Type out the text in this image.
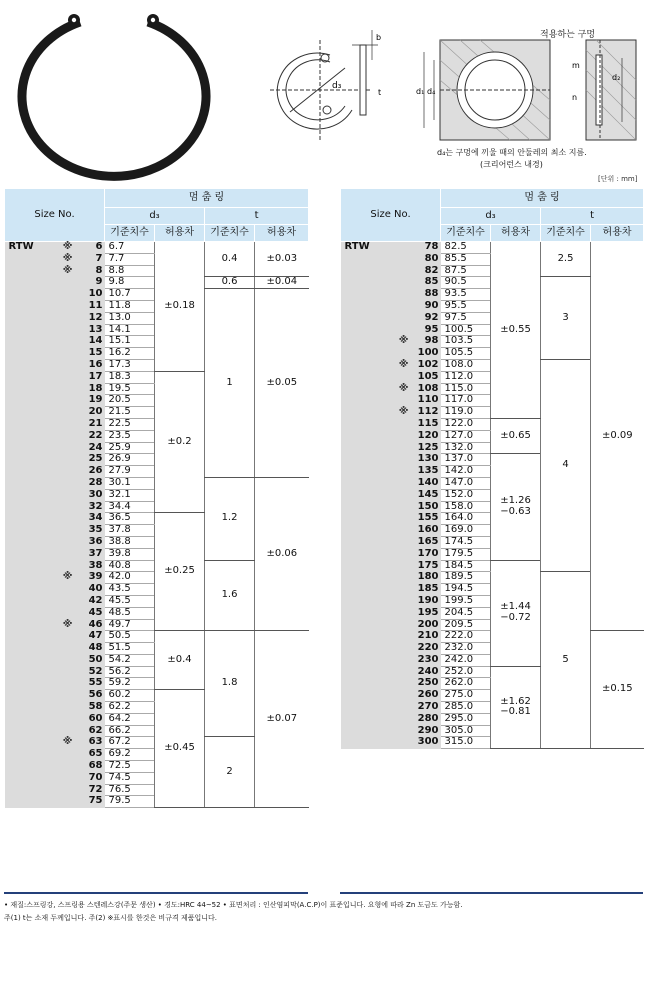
d₃
b
t	d₁ d₄
m
n
d₂
적용하는 구멍
d₄는 구멍에 끼울 때의 안둘레의 최소 지름.
(크리어런스 내경)
[단위 : mm]
Size No.			멈 춤 링			
			d₃		t	
			기준치수	허용차	기준치수	허용차
RTW	※	6	6.7	±0.18	0.4	±0.03
	※	7	7.7			
	※	8	8.8			
		9	9.8		0.6	±0.04
		10	10.7		1	±0.05
		11	11.8			
		12	13.0			
		13	14.1			
		14	15.1			
		15	16.2			
		16	17.3			
		17	18.3	±0.2		
		18	19.5			
		19	20.5			
		20	21.5			
		21	22.5			
		22	23.5			
		24	25.9			
		25	26.9			
		26	27.9			
		28	30.1		1.2	±0.06
		30	32.1			
		32	34.4			
		34	36.5	±0.25		
		35	37.8			
		36	38.8			
		37	39.8			
		38	40.8		1.6	
	※	39	42.0			
		40	43.5			
		42	45.5			
		45	48.5			
	※	46	49.7			
		47	50.5	±0.4	1.8	±0.07
		48	51.5			
		50	54.2			
		52	56.2			
		55	59.2			
		56	60.2	±0.45		
		58	62.2			
		60	64.2			
		62	66.2			
	※	63	67.2		2	
		65	69.2			
		68	72.5			
		70	74.5			
		72	76.5			
		75	79.5			
Size No.			멈 춤 링			
			d₃		t	
			기준치수	허용차	기준치수	허용차
RTW		78	82.5	±0.55	2.5	±0.09
		80	85.5			
		82	87.5			
		85	90.5		3	
		88	93.5			
		90	95.5			
		92	97.5			
		95	100.5			
	※	98	103.5			
		100	105.5			
	※	102	108.0		4	
		105	112.0			
	※	108	115.0			
		110	117.0			
	※	112	119.0			
		115	122.0	±0.65		
		120	127.0			
		125	132.0			
		130	137.0	±1.26
−0.63		
		135	142.0			
		140	147.0			
		145	152.0			
		150	158.0			
		155	164.0			
		160	169.0			
		165	174.5			
		170	179.5			
		175	184.5	±1.44
−0.72		
		180	189.5		5	
		185	194.5			
		190	199.5			
		195	204.5			
		200	209.5			
		210	222.0			±0.15
		220	232.0			
		230	242.0			
		240	252.0	±1.62
−0.81		
		250	262.0			
		260	275.0			
		270	285.0			
		280	295.0			
		290	305.0			
		300	315.0			
• 재질:스프링강, 스프링용 스텐레스강(주문 생산) • 경도:HRC 44~52 • 표면처리 : 인산염피막(A.C.P)이 표준입니다. 요형에 따라 Zn 도금도 가능함.
주(1) t는 소재 두께입니다. 주(2) ※표시를 한것은 비규격 제품입니다.
